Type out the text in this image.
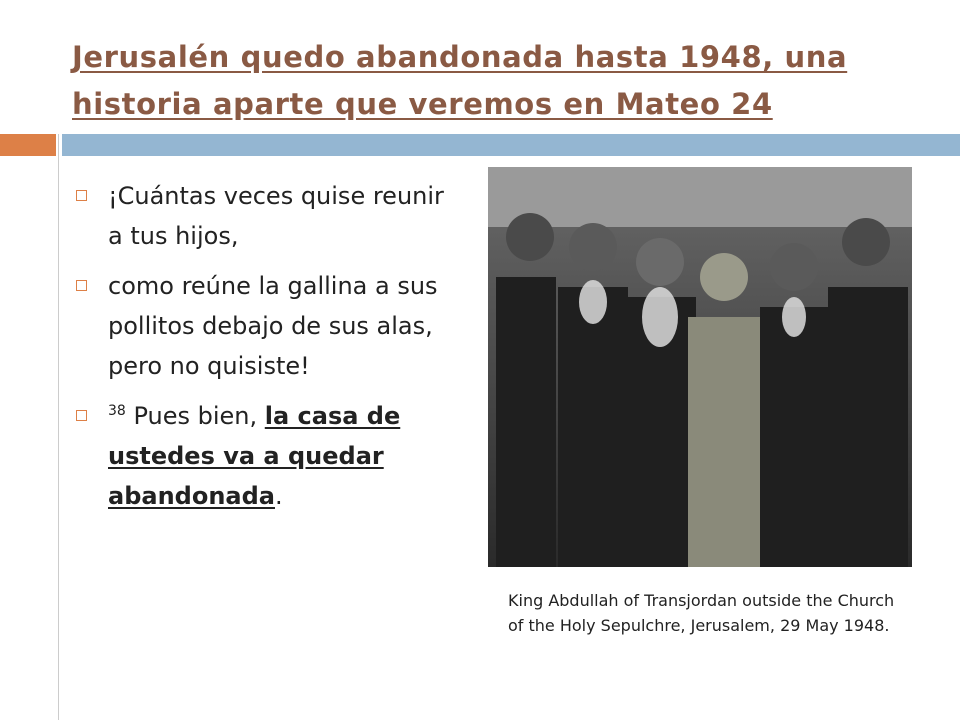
Jerusalén quedo abandonada hasta 1948, una historia aparte que veremos en Mateo 24
¡Cuántas veces quise reunir a tus hijos,
como reúne la gallina a sus pollitos debajo de sus alas, pero no quisiste!
$^{38}$ Pues bien, la casa de ustedes va a quedar abandonada.
King Abdullah of Transjordan outside the Church of the Holy Sepulchre, Jerusalem, 29 May 1948.
